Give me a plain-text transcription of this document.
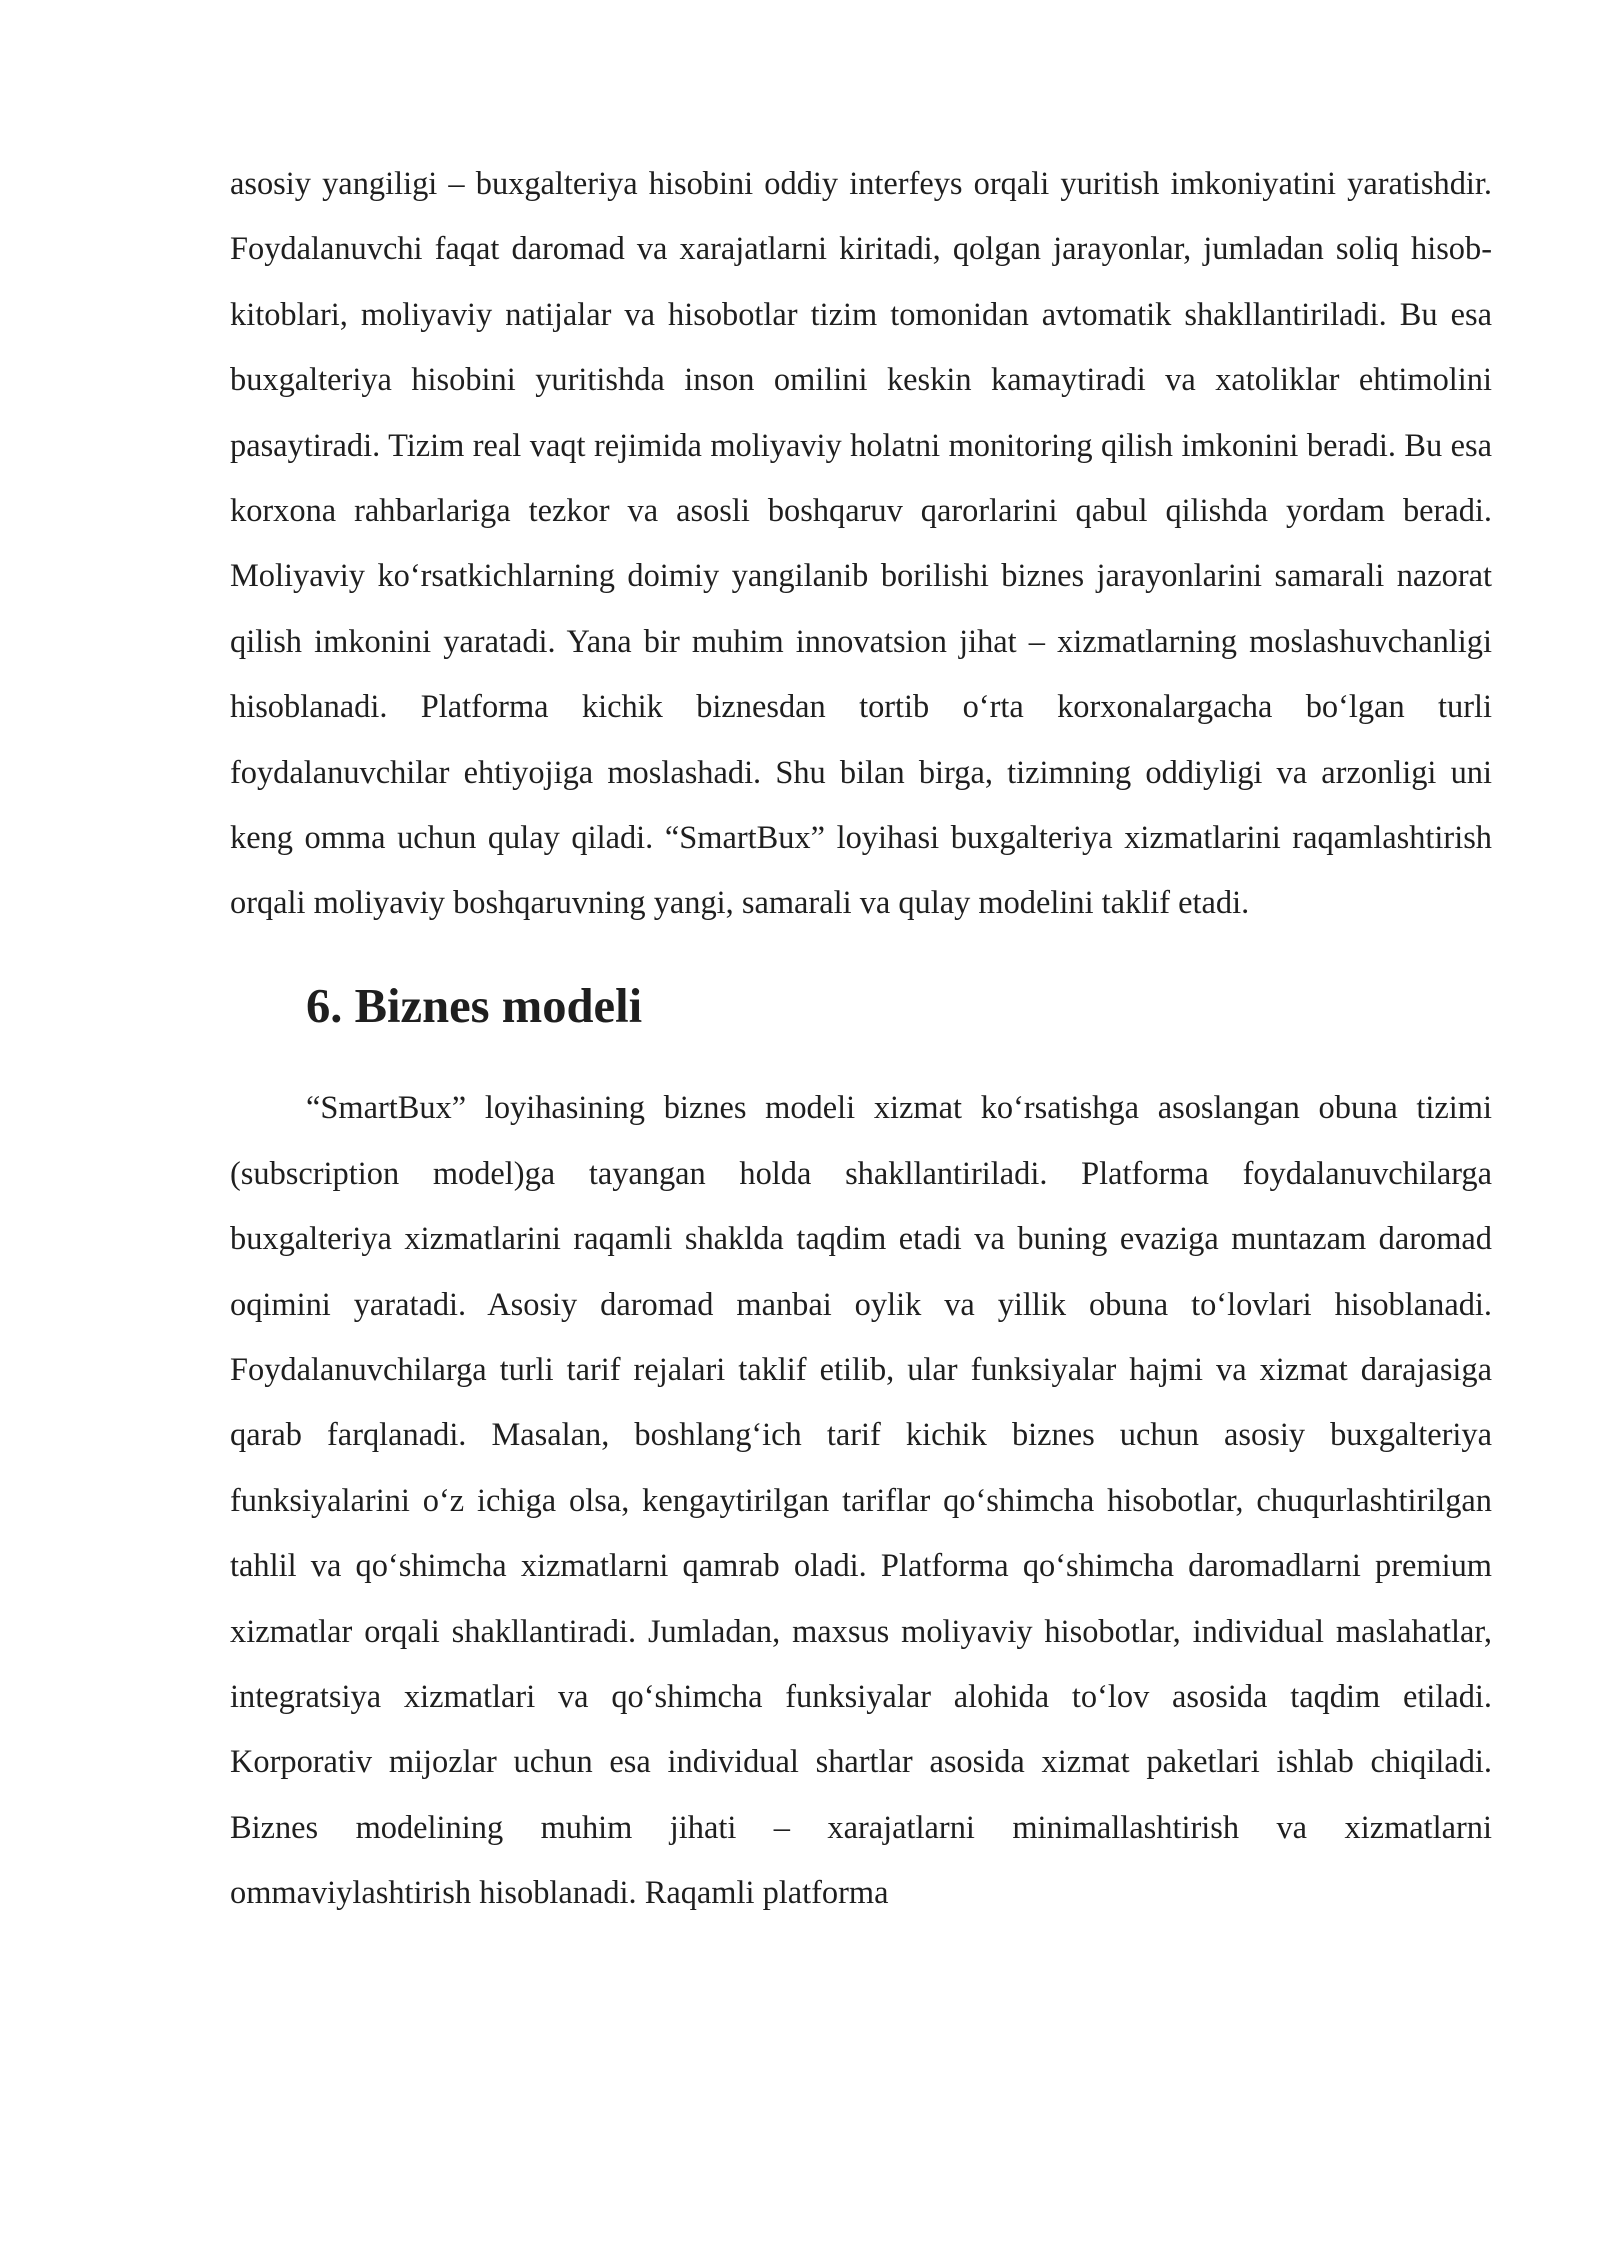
asosiy yangiligi – buxgalteriya hisobini oddiy interfeys orqali yuritish imkoniyatini yaratishdir. Foydalanuvchi faqat daromad va xarajatlarni kiritadi, qolgan jarayonlar, jumladan soliq hisob-kitoblari, moliyaviy natijalar va hisobotlar tizim tomonidan avtomatik shakllantiriladi. Bu esa buxgalteriya hisobini yuritishda inson omilini keskin kamaytiradi va xatoliklar ehtimolini pasaytiradi. Tizim real vaqt rejimida moliyaviy holatni monitoring qilish imkonini beradi. Bu esa korxona rahbarlariga tezkor va asosli boshqaruv qarorlarini qabul qilishda yordam beradi. Moliyaviy ko‘rsatkichlarning doimiy yangilanib borilishi biznes jarayonlarini samarali nazorat qilish imkonini yaratadi. Yana bir muhim innovatsion jihat – xizmatlarning moslashuvchanligi hisoblanadi. Platforma kichik biznesdan tortib o‘rta korxonalargacha bo‘lgan turli foydalanuvchilar ehtiyojiga moslashadi. Shu bilan birga, tizimning oddiyligi va arzonligi uni keng omma uchun qulay qiladi. “SmartBux” loyihasi buxgalteriya xizmatlarini raqamlashtirish orqali moliyaviy boshqaruvning yangi, samarali va qulay modelini taklif etadi.

6. Biznes modeli

“SmartBux” loyihasining biznes modeli xizmat ko‘rsatishga asoslangan obuna tizimi (subscription model)ga tayangan holda shakllantiriladi. Platforma foydalanuvchilarga buxgalteriya xizmatlarini raqamli shaklda taqdim etadi va buning evaziga muntazam daromad oqimini yaratadi. Asosiy daromad manbai oylik va yillik obuna to‘lovlari hisoblanadi. Foydalanuvchilarga turli tarif rejalari taklif etilib, ular funksiyalar hajmi va xizmat darajasiga qarab farqlanadi. Masalan, boshlang‘ich tarif kichik biznes uchun asosiy buxgalteriya funksiyalarini o‘z ichiga olsa, kengaytirilgan tariflar qo‘shimcha hisobotlar, chuqurlashtirilgan tahlil va qo‘shimcha xizmatlarni qamrab oladi. Platforma qo‘shimcha daromadlarni premium xizmatlar orqali shakllantiradi. Jumladan, maxsus moliyaviy hisobotlar, individual maslahatlar, integratsiya xizmatlari va qo‘shimcha funksiyalar alohida to‘lov asosida taqdim etiladi. Korporativ mijozlar uchun esa individual shartlar asosida xizmat paketlari ishlab chiqiladi. Biznes modelining muhim jihati – xarajatlarni minimallashtirish va xizmatlarni ommaviylashtirish hisoblanadi. Raqamli platforma
